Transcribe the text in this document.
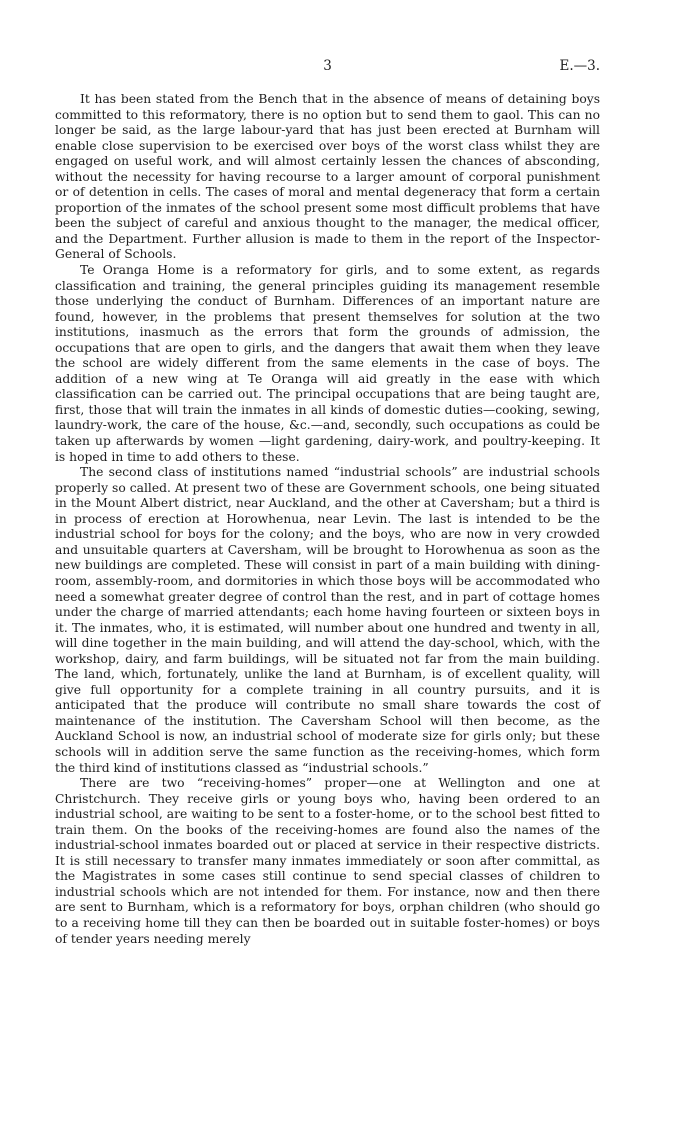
3	E.—3.

It has been stated from the Bench that in the absence of means of detaining boys committed to this reformatory, there is no option but to send them to gaol. This can no longer be said, as the large labour-yard that has just been erected at Burnham will enable close supervision to be exercised over boys of the worst class whilst they are engaged on useful work, and will almost certainly lessen the chances of absconding, without the necessity for having recourse to a larger amount of corporal punishment or of detention in cells. The cases of moral and mental degeneracy that form a certain proportion of the inmates of the school present some most difficult problems that have been the subject of careful and anxious thought to the manager, the medical officer, and the Department. Further allusion is made to them in the report of the Inspector-General of Schools.

Te Oranga Home is a reformatory for girls, and to some extent, as regards classification and training, the general principles guiding its management resemble those underlying the conduct of Burnham. Differences of an important nature are found, however, in the problems that present themselves for solution at the two institutions, inasmuch as the errors that form the grounds of admission, the occupations that are open to girls, and the dangers that await them when they leave the school are widely different from the same elements in the case of boys. The addition of a new wing at Te Oranga will aid greatly in the ease with which classification can be carried out. The principal occupations that are being taught are, first, those that will train the inmates in all kinds of domestic duties—cooking, sewing, laundry-work, the care of the house, &c.—and, secondly, such occupations as could be taken up afterwards by women —light gardening, dairy-work, and poultry-keeping. It is hoped in time to add others to these.

The second class of institutions named “industrial schools” are industrial schools properly so called. At present two of these are Government schools, one being situated in the Mount Albert district, near Auckland, and the other at Caversham; but a third is in process of erection at Horowhenua, near Levin. The last is intended to be the industrial school for boys for the colony; and the boys, who are now in very crowded and unsuitable quarters at Caversham, will be brought to Horowhenua as soon as the new buildings are completed. These will consist in part of a main building with dining-room, assembly-room, and dormitories in which those boys will be accommodated who need a somewhat greater degree of control than the rest, and in part of cottage homes under the charge of married attendants; each home having fourteen or sixteen boys in it. The inmates, who, it is estimated, will number about one hundred and twenty in all, will dine together in the main building, and will attend the day-school, which, with the workshop, dairy, and farm buildings, will be situated not far from the main building. The land, which, fortunately, unlike the land at Burnham, is of excellent quality, will give full opportunity for a complete training in all country pursuits, and it is anticipated that the produce will contribute no small share towards the cost of maintenance of the institution. The Caversham School will then become, as the Auckland School is now, an industrial school of moderate size for girls only; but these schools will in addition serve the same function as the receiving-homes, which form the third kind of institutions classed as “industrial schools.”

There are two “receiving-homes” proper—one at Wellington and one at Christchurch. They receive girls or young boys who, having been ordered to an industrial school, are waiting to be sent to a foster-home, or to the school best fitted to train them. On the books of the receiving-homes are found also the names of the industrial-school inmates boarded out or placed at service in their respective districts. It is still necessary to transfer many inmates immediately or soon after committal, as the Magistrates in some cases still continue to send special classes of children to industrial schools which are not intended for them. For instance, now and then there are sent to Burnham, which is a reformatory for boys, orphan children (who should go to a receiving home till they can then be boarded out in suitable foster-homes) or boys of tender years needing merely
